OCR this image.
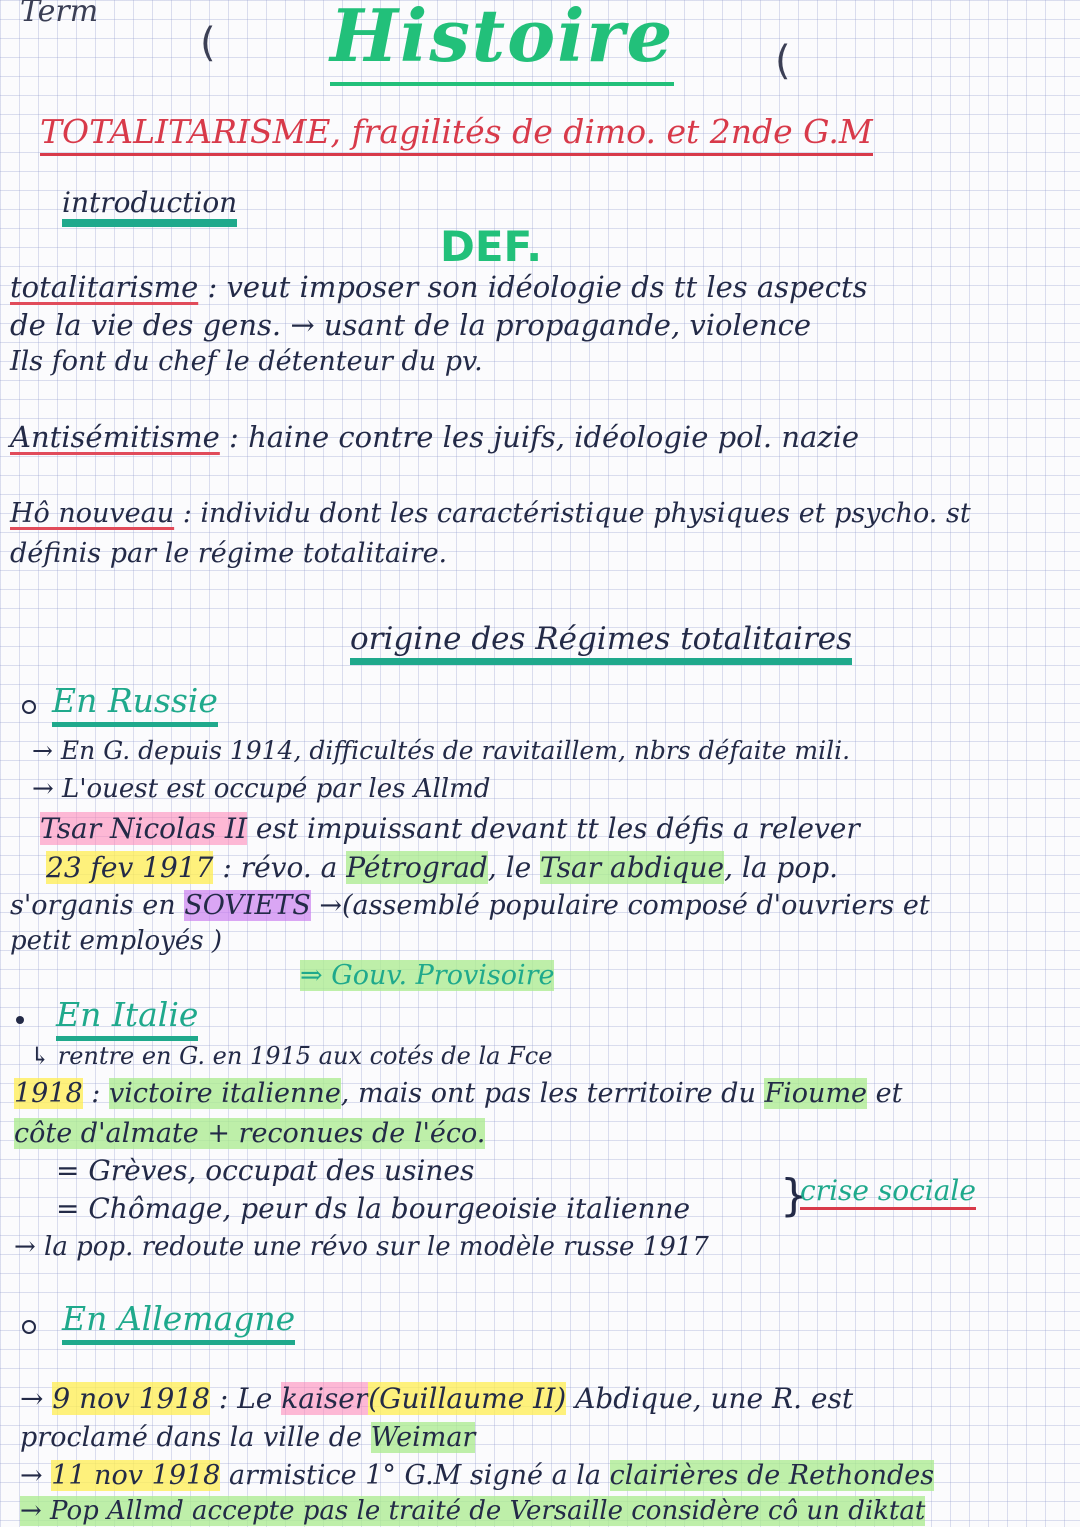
Term
( Histoire	(
TOTALITARISME, fragilités de dimo. et 2nde G.M
introduction
DEF.
totalitarisme : veut imposer son idéologie ds tt les aspects
de la vie des gens. → usant de la propagande, violence
Ils font du chef le détenteur du pv.
Antisémitisme : haine contre les juifs, idéologie pol. nazie
Hô nouveau : individu dont les caractéristique physiques et psycho. st
définis par le régime totalitaire.
origine des Régimes totalitaires
En Russie
→ En G. depuis 1914, difficultés de ravitaillem, nbrs défaite mili.
→ L'ouest est occupé par les Allmd
Tsar Nicolas II est impuissant devant tt les défis a relever
23 fev 1917 : révo. a Pétrograd, le Tsar abdique, la pop.
s'organis en SOVIETS →(assemblé populaire composé d'ouvriers et
petit employés )
⇒ Gouv. Provisoire
En Italie
↳ rentre en G. en 1915 aux cotés de la Fce
1918 : victoire italienne, mais ont pas les territoire du Fioume et
côte d'almate + reconues de l'éco.
= Grèves, occupat des usines
= Chômage, peur ds la bourgeoisie italienne }
crise sociale
→ la pop. redoute une révo sur le modèle russe 1917
En Allemagne
→ 9 nov 1918 : Le kaiser(Guillaume II) Abdique, une R. est
proclamé dans la ville de Weimar
→ 11 nov 1918 armistice 1° G.M signé a la clairières de Rethondes
→ Pop Allmd accepte pas le traité de Versaille considère cô un diktat
